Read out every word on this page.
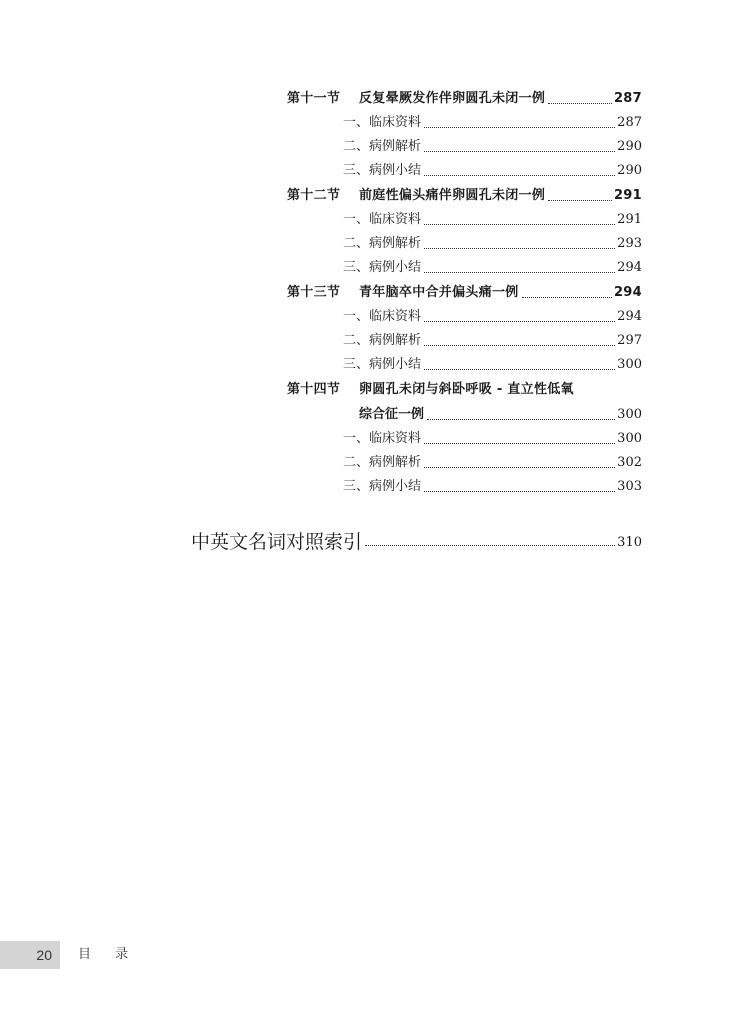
第十一节 反复晕厥发作伴卵圆孔未闭一例	287
一、临床资料	287
二、病例解析	290
三、病例小结	290
第十二节 前庭性偏头痛伴卵圆孔未闭一例	291
一、临床资料	291
二、病例解析	293
三、病例小结	294
第十三节 青年脑卒中合并偏头痛一例	294
一、临床资料	294
二、病例解析	297
三、病例小结	300
第十四节 卵圆孔未闭与斜卧呼吸 - 直立性低氧
综合征一例	300
一、临床资料	300
二、病例解析	302
三、病例小结	303
中英文名词对照索引	310
20 目 录
